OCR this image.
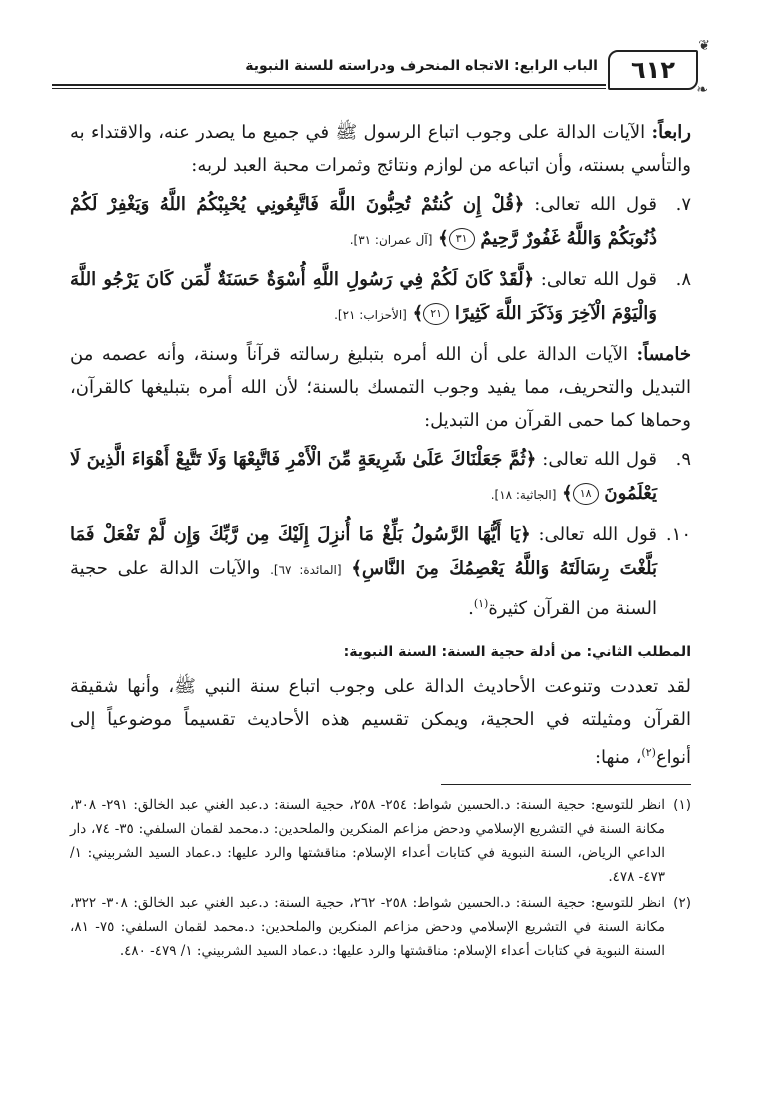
٦١٢
❦
❧
الباب الرابع: الاتجاه المنحرف ودراسته للسنة النبوية

رابعاً: الآيات الدالة على وجوب اتباع الرسول ﷺ في جميع ما يصدر عنه، والاقتداء به والتأسي بسنته، وأن اتباعه من لوازم ونتائج وثمرات محبة العبد لربه:

٧.
قول الله تعالى: ﴿قُلْ إِن كُنتُمْ تُحِبُّونَ اللَّهَ فَاتَّبِعُونِي يُحْبِبْكُمُ اللَّهُ وَيَغْفِرْ لَكُمْ ذُنُوبَكُمْ وَاللَّهُ غَفُورٌ رَّحِيمٌ ٣١﴾ [آل عمران: ٣١].
٨.
قول الله تعالى: ﴿لَّقَدْ كَانَ لَكُمْ فِي رَسُولِ اللَّهِ أُسْوَةٌ حَسَنَةٌ لِّمَن كَانَ يَرْجُو اللَّهَ وَالْيَوْمَ الْآخِرَ وَذَكَرَ اللَّهَ كَثِيرًا ٢١﴾ [الأحزاب: ٢١].

خامساً: الآيات الدالة على أن الله أمره بتبليغ رسالته قرآناً وسنة، وأنه عصمه من التبديل والتحريف، مما يفيد وجوب التمسك بالسنة؛ لأن الله أمره بتبليغها كالقرآن، وحماها كما حمى القرآن من التبديل:

٩.
قول الله تعالى: ﴿ثُمَّ جَعَلْنَاكَ عَلَىٰ شَرِيعَةٍ مِّنَ الْأَمْرِ فَاتَّبِعْهَا وَلَا تَتَّبِعْ أَهْوَاءَ الَّذِينَ لَا يَعْلَمُونَ ١٨﴾ [الجاثية: ١٨].
١٠.
قول الله تعالى: ﴿يَا أَيُّهَا الرَّسُولُ بَلِّغْ مَا أُنزِلَ إِلَيْكَ مِن رَّبِّكَ وَإِن لَّمْ تَفْعَلْ فَمَا بَلَّغْتَ رِسَالَتَهُ وَاللَّهُ يَعْصِمُكَ مِنَ النَّاسِ﴾ [المائدة: ٦٧]. والآيات الدالة على حجية السنة من القرآن كثيرة$^{(١)}$.
المطلب الثاني: من أدلة حجية السنة: السنة النبوية:

لقد تعددت وتنوعت الأحاديث الدالة على وجوب اتباع سنة النبي ﷺ، وأنها شقيقة القرآن ومثيلته في الحجية، ويمكن تقسيم هذه الأحاديث تقسيماً موضوعياً إلى أنواع$^{(٢)}$، منها:

(١)
انظر للتوسع: حجية السنة: د.الحسين شواط: ٢٥٤- ٢٥٨، حجية السنة: د.عبد الغني عبد الخالق: ٢٩١- ٣٠٨، مكانة السنة في التشريع الإسلامي ودحض مزاعم المنكرين والملحدين: د.محمد لقمان السلفي: ٣٥- ٧٤، دار الداعي الرياض، السنة النبوية في كتابات أعداء الإسلام: مناقشتها والرد عليها: د.عماد السيد الشربيني: ١/ ٤٧٣- ٤٧٨.
(٢)
انظر للتوسع: حجية السنة: د.الحسين شواط: ٢٥٨- ٢٦٢، حجية السنة: د.عبد الغني عبد الخالق: ٣٠٨- ٣٢٢، مكانة السنة في التشريع الإسلامي ودحض مزاعم المنكرين والملحدين: د.محمد لقمان السلفي: ٧٥- ٨١، السنة النبوية في كتابات أعداء الإسلام: مناقشتها والرد عليها: د.عماد السيد الشربيني: ١/ ٤٧٩- ٤٨٠.
